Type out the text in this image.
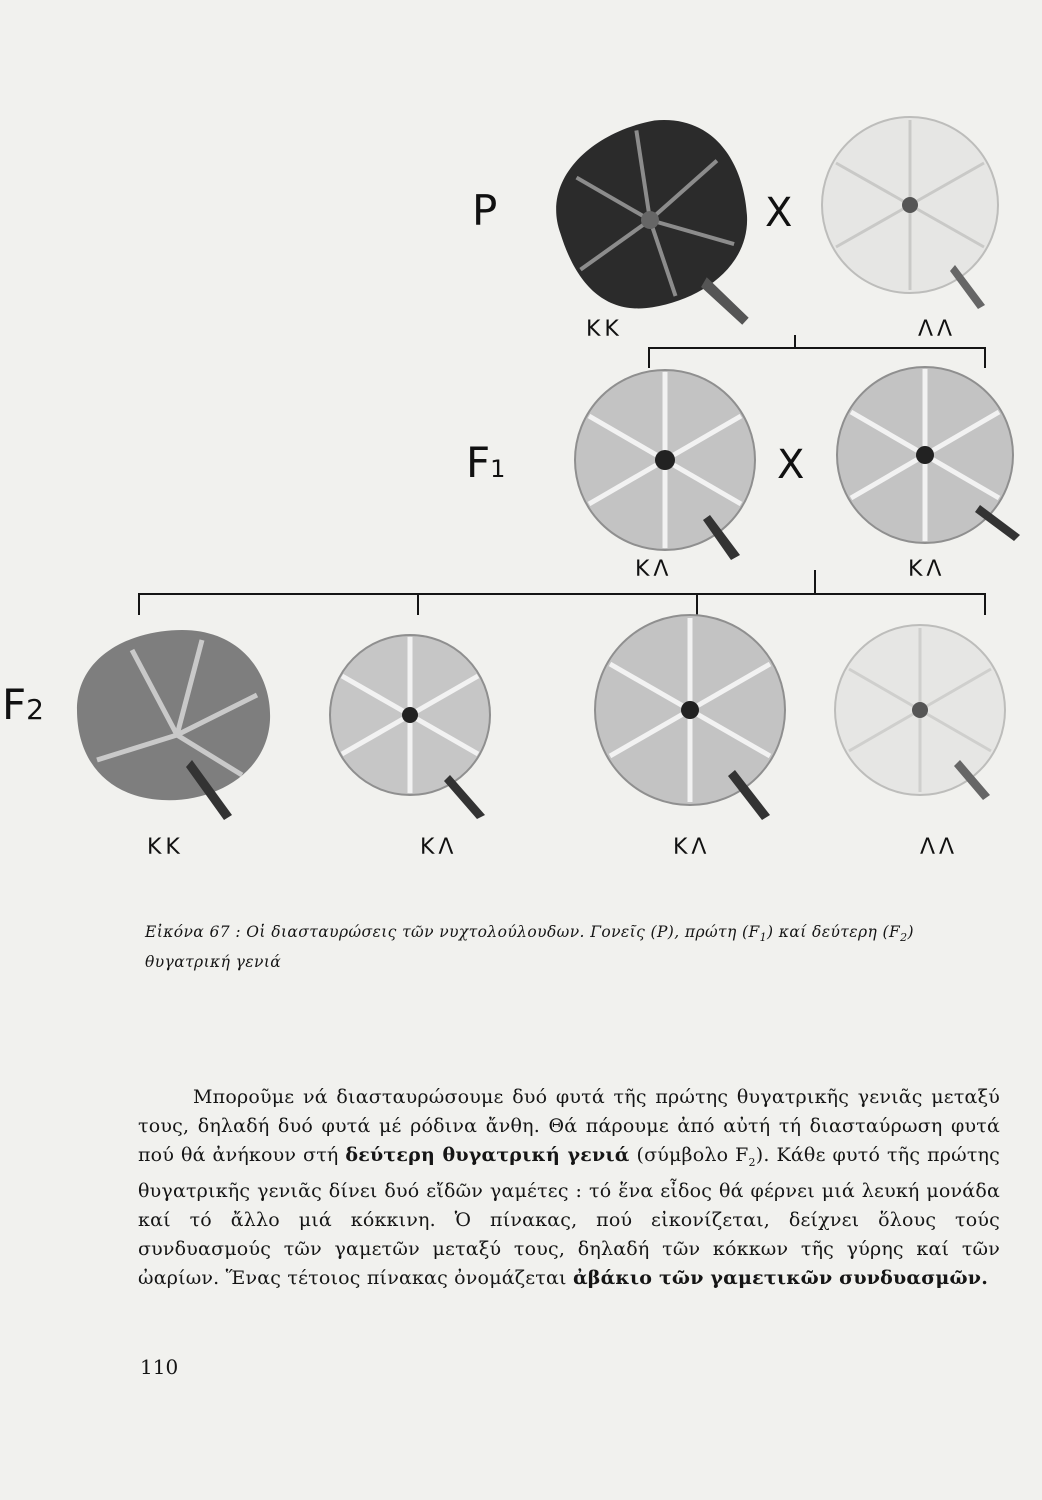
P	X
ΚΚ	ΛΛ
F1	X
ΚΛ	ΚΛ
F2
ΚΚ	ΚΛ	ΚΛ	ΛΛ
Εἰκόνα 67 : Οἱ διασταυρώσεις τῶν νυχτολούλουδων. Γονεῖς (P), πρώτη $(F_1)$ καί δεύτερη $(F_2)$ θυγατρική γενιά

Μποροῦμε νά διασταυρώσουμε δυό φυτά τῆς πρώτης θυγατρικῆς γενιᾶς μεταξύ τους, δηλαδή δυό φυτά μέ ρόδινα ἄνθη. Θά πάρουμε ἀπό αὐτή τή διασταύρωση φυτά πού θά ἀνήκουν στή δεύτερη θυγατρική γενιά (σύμβολο $F_2$). Κάθε φυτό τῆς πρώτης θυγατρικῆς γενιᾶς δίνει δυό εἴδῶν γαμέτες : τό ἕνα εἶδος θά φέρνει μιά λευκή μονάδα καί τό ἄλλο μιά κόκκινη. Ὁ πίνακας, πού εἰκονίζεται, δείχνει ὅλους τούς συνδυασμούς τῶν γαμετῶν μεταξύ τους, δηλαδή τῶν κόκκων τῆς γύρης καί τῶν ὠαρίων. Ἕνας τέτοιος πίνακας ὀνομάζεται ἀβάκιο τῶν γαμετικῶν συνδυασμῶν.

110
